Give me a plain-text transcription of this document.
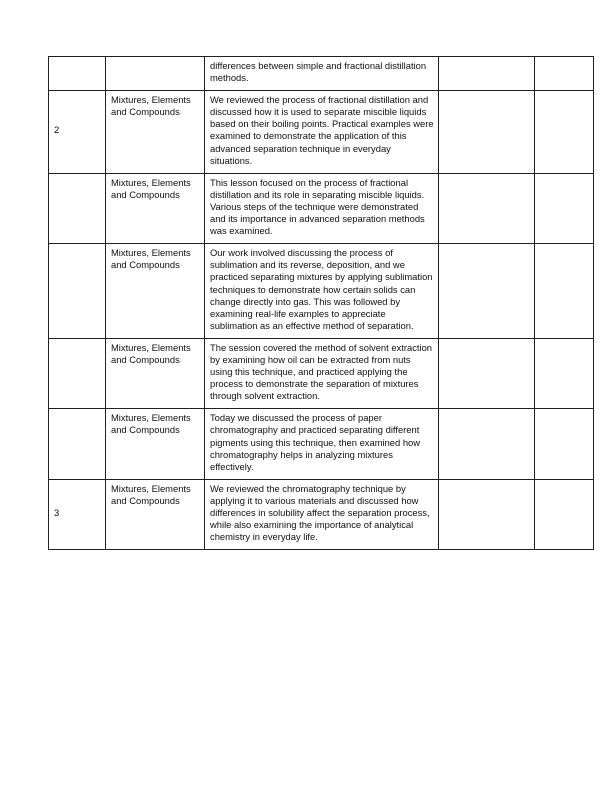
		differences between simple and fractional distillation methods.		
2	Mixtures, Elements and Compounds	We reviewed the process of fractional distillation and discussed how it is used to separate miscible liquids based on their boiling points. Practical examples were examined to demonstrate the application of this advanced separation technique in everyday situations.		
	Mixtures, Elements and Compounds	This lesson focused on the process of fractional distillation and its role in separating miscible liquids. Various steps of the technique were demonstrated and its importance in advanced separation methods was examined.		
	Mixtures, Elements and Compounds	Our work involved discussing the process of sublimation and its reverse, deposition, and we practiced separating mixtures by applying sublimation techniques to demonstrate how certain solids can change directly into gas. This was followed by examining real-life examples to appreciate sublimation as an effective method of separation.		
	Mixtures, Elements and Compounds	The session covered the method of solvent extraction by examining how oil can be extracted from nuts using this technique, and practiced applying the process to demonstrate the separation of mixtures through solvent extraction.		
	Mixtures, Elements and Compounds	Today we discussed the process of paper chromatography and practiced separating different pigments using this technique, then examined how chromatography helps in analyzing mixtures effectively.		
3	Mixtures, Elements and Compounds	We reviewed the chromatography technique by applying it to various materials and discussed how differences in solubility affect the separation process, while also examining the importance of analytical chemistry in everyday life.		
